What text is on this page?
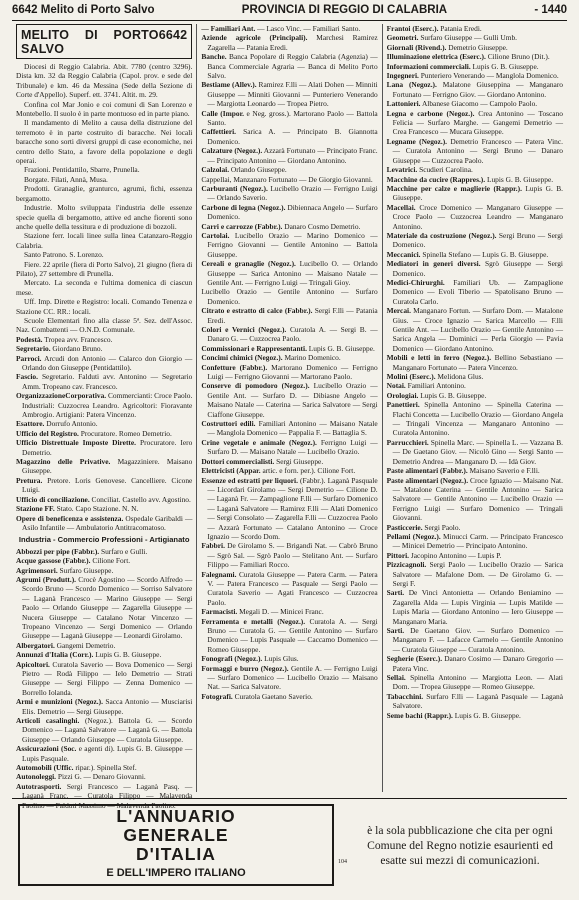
6642 Melito di Porto Salvo	PROVINCIA DI REGGIO DI CALABRIA	- 1440
MELITO DI PORTO SALVO
6642

Diocesi di Reggio Calabria. Abit. 7780 (centro 3296). Dista km. 32 da Reggio Calabria (Capol. prov. e sede del Tribunale) e km. 46 da Messina (Sede della Sezione di Corte d'Appello). Superf. ett. 3741. Altit. m. 29.

Confina col Mar Jonio e coi comuni di San Lorenzo e Montebello. Il suolo è in parte montuoso ed in parte piano.

Il mandamento di Melito a causa della distruzione del terremoto è in parte costruito di baracche. Nei locali baracche sono sorti diversi gruppi di case economiche, nei centro dello Stato, a favore della popolazione e degli operai.

Frazioni. Pentidattilo, Sbarre, Prunella.

Borgate. Filati, Annà, Musa.

Prodotti. Granaglie, granturco, agrumi, fichi, essenza bergamotto.

Industrie. Molto sviluppata l'industria delle essenze specie quella di bergamotto, attive ed anche fiorenti sono anche quelle della tessitura e di produzione di bozzoli.

Stazione ferr. locali linee sulla linea Catanzaro-Reggio Calabria.

Santo Patrono. S. Lorenzo.

Fiere. 22 aprile (fiera di Porto Salvo), 21 giugno (fiera di Pilato), 27 settembre di Prunella.

Mercato. La seconda e l'ultima domenica di ciascun mese.

Uff. Imp. Dirette e Registro: locali. Comando Tenenza e Stazione CC. RR.: locali.

Scuole Elementari fino alla classe 5ª. Sez. dell'Assoc. Naz. Combattenti — O.N.D. Comunale.

Podestà. Tropea avv. Francesco.

Segretario. Giordano Bruno.

Parroci. Arcudi don Antonio — Calarco don Giorgio — Orlando don Giuseppe (Pentidattilo).

Fascio. Segretario. Falduti avv. Antonino — Segretario Amm. Tropeano cav. Francesco.

OrganizzazioneCorporativa. Commercianti: Croce Paolo. Industriali: Cuzzocrea Leandro. Agricoltori: Fioravante Ambrogio. Artigiani: Patera Vincenzo.

Esattore. Dorrufo Antonio.

Ufficio del Registro. Procuratore. Romeo Demetrio.

Ufficio Distrettuale Imposte Dirette. Procuratore. Iero Demetrio.

Magazzino delle Privative. Magazziniere. Maisano Giuseppe.

Pretura. Pretore. Loris Genovese. Cancelliere. Cicone Luigi.

Ufficio di conciliazione. Conciliat. Castello avv. Agostino.

Stazione FF. Stato. Capo Stazione. N. N.

Opere di beneficenza e assistenza. Ospedale Garibaldi — Asilo Infantile — Ambulatorio Antitracomatoso.

Industria - Commercio Professioni - Artigianato

Abbozzi per pipe (Fabbr.). Surfaro e Gulli.

Acque gassose (Fabbr.). Cilione Fort.

Agrimensori. Surfaro Giuseppe.

Agrumi (Produtt.). Crocè Agostino — Scordo Alfredo — Scordo Bruno — Scordo Domenico — Sorriso Salvatore — Laganà Francesco — Marino Giuseppe — Sergi Paolo — Orlando Giuseppe — Zagarella Giuseppe — Nucera Giuseppe — Catalano Notar Vincenzo — Tropeano Vincenzo — Sergi Domenico — Orlando Giuseppe — Laganà Giuseppe — Leonardi Girolamo.

Albergatori. Gangemi Demetrio.

Annunzi d'Italia (Corr.). Lupis G. B. Giuseppe.

Apicoltori. Curatola Saverio — Bova Domenico — Sergi Pietro — Rodà Filippo — Ielo Demetrio — Strati Giuseppe — Sergi Filippo — Zenna Domenico — Borrello Iolanda.

Armi e munizioni (Negoz.). Sacca Antonio — Musciarisi Elis. Demetrio — Sergi Giuseppe.

Articoli casalinghi. (Negoz.). Battola G. — Scordo Domenico — Laganà Salvatore — Laganà G. — Battola Giuseppe — Orlando Giuseppe — Curatola Giuseppe.

Assicurazioni (Soc. e agenti di). Lupis G. B. Giuseppe — Lupis Pasquale.

Automobili (Uffic. ripar.). Spinella Stef.

Autonoleggi. Pizzi G. — Denaro Giovanni.

Autotrasporti. Sergi Francesco — Laganà Pasq. — Laganà Franc. — Curatola Filippo — Malavenda Paolino — Falduti Massimo — Malavenda Paolino.

— Familiari Ant. — Lasco Vinc. — Familiari Santo.

Aziende agricole (Principali). Marchesi Ramirez Zagarella — Patania Eredi.

Banche. Banca Popolare di Reggio Calabria (Agenzia) — Banca Commerciale Agraria — Banca di Melito Porto Salvo.

Bestiame (Allev.). Ramirez F.lli — Alati Dohen — Minniti Giuseppe — Minniti Giovanni — Punteriero Venerando — Margiotta Leonardo — Tropea Pietro.

Calle (Impor. e Neg. gross.). Martorano Paolo — Battola Santo.

Caffettieri. Sarica A. — Principato B. Giannotta Domenico.

Calzature (Negoz.). Azzarà Fortunato — Principato Franc. — Principato Antonino — Giordano Antonino.

Calzolai. Orlando Giuseppe.

Cappellai, Manzanaro Fortunato — De Giorgio Giovanni.

Carburanti (Negoz.). Lucibello Orazio — Ferrigno Luigi — Orlando Saverio.

Carbone di legna (Negoz.). Dibiennaca Angelo — Surfaro Domenico.

Carri e carrozze (Fabbr.). Danaro Cosmo Demetrio.

Cartolai. Lucibello Orazio — Marino Domenico — Ferrigno Giovanni — Gentile Antonino — Battola Giuseppe.

Cereali e granaglie (Negoz.). Lucibello O. — Orlando Giuseppe — Sarica Antonino — Maisano Natale — Gentile Ant. — Ferrigno Luigi — Tringali Gioy.

Lucibello Orazio — Gentile Antonino — Surfaro Domenico.

Citrato e estratto di calce (Fabbr.). Sergi F.lli — Patania Eredi.

Colori e Vernici (Negoz.). Curatola A. — Sergi B. — Danaro G. — Cuzzocrea Paolo.

Commissionari e Rappresentanti. Lupis G. B. Giuseppe.

Concimi chimici (Negoz.). Marino Domenico.

Confetture (Fabbr.). Martorano Domenico — Ferrigno Luigi — Ferrigno Giovanni — Martorano Paolo.

Conserve di pomodoro (Negoz.). Lucibello Orazio — Gentile Ant. — Surfaro D. — Dibiasne Angelo — Maisano Natale — Caterina — Sarica Salvatore — Sergi Ciaffone Giuseppe.

Costruttori edili. Familiari Antonino — Maisano Natale — Manglola Domenico — Pappalia F. — Battaglia S.

Crine vegetale e animale (Negoz.). Ferrigno Luigi — Surfaro D. — Maisano Natale — Lucibello Orazio.

Dottori commercialisti. Sergi Giuseppe.

Elettricisti (Appar. artic. e forn. per.). Cilione Fort.

Essenze ed estratti per liquori. (Fabbr.). Laganà Pasquale — Licordari Girolamo — Sergi Demetrio — Cilione D. — Laganà Fr. — Zampaglione F.lli — Surfaro Domenico — Laganà Salvatore — Ramirez F.lli — Alati Domenico — Sergi Consolato — Zagarella F.lli — Cuzzocrea Paolo — Azzarà Fortunato — Catalano Antonino — Croce Ignazio — Scordo Dom.

Fabbri. De Girolamo S. — Brigandì Nat. — Cabrò Bruno — Sgrò Sal. — Sgrò Paolo — Stelitano Ant. — Surfaro Filippo — Familiari Rocco.

Falegnami. Curatola Giuseppe — Patera Carm. — Patera V. — Patera Francesco — Pasquale — Sergi Paolo — Curatola Saverio — Agati Francesco — Cuzzocrea Paolo.

Farmacisti. Megali D. — Minicei Franc.

Ferramenta e metalli (Negoz.). Curatola A. — Sergi Bruno — Curatola G. — Gentile Antonino — Surfaro Domenico — Lupis Pasquale — Caccamo Domenico — Romeo Giuseppe.

Fonografi (Negoz.). Lupis Glus.

Formaggi e burro (Negoz.). Gentile A. — Ferrigno Luigi — Surfaro Domenico — Lucibello Orazio — Maisano Nat. — Sarica Salvatore.

Fotografi. Curatola Gaetano Saverio.

Frantoi (Eserc.). Patania Eredi.

Geometri. Surfaro Giuseppe — Gulli Umb.

Giornali (Rivend.). Demetrio Giuseppe.

Illuminazione elettrica (Eserc.). Cilione Bruno (Dit.).

Informazioni commerciali. Lupis G. B. Giuseppe.

Ingegneri. Punteriero Venerando — Manglola Domenico.

Lana (Negoz.). Malatone Giuseppina — Manganaro Fortunato — Ferrigno Giov. — Giordano Antonino.

Lattonieri. Albanese Giacomo — Campolo Paolo.

Legna e carbone (Negoz.). Crea Antonino — Toscano Felicia — Surfaro Marghe. — Gangemi Demetrio — Crea Francesco — Mucara Giuseppe.

Legname (Negoz.). Demetrio Francesco — Patera Vinc. — Curatola Antonino — Sergi Bruno — Danaro Giuseppe — Cuzzocrea Paolo.

Levatrici. Scudieri Carolina.

Macchine da cucire (Rappres.). Lupis G. B. Giuseppe.

Macchine per calze e maglierie (Rappr.). Lupis G. B. Giuseppe.

Macellai. Croce Domenico — Manganaro Giuseppe — Croce Paolo — Cuzzocrea Leandro — Manganaro Antonino.

Materiale da costruzione (Negoz.). Sergi Bruno — Sergi Domenico.

Meccanici. Spinella Stefano — Lupis G. B. Giuseppe.

Mediatori in generi diversi. Sgrò Giuseppe — Sergi Domenico.

Medici-Chirurghi. Familiari Ub. — Zampaglione Domenico — Evoli Tiberio — Spatolisano Bruno — Curatola Carlo.

Mercai. Manganaro Fortun. — Surfaro Dom. — Matalone Gius. — Croce Ignazio — Sarica Marcello — F.lli Gentile Ant. — Lucibello Orazio — Gentile Antonino — Sarica Angela — Dominici — Perla Giorgio — Pavia Domenico — Giordano Antonino.

Mobili e letti in ferro (Negoz.). Bellino Sebastiano — Manganaro Fortunato — Patera Vincenzo.

Molini (Eserc.). Melidona Glus.

Notai. Familiari Antonino.

Orologiai. Lupis G. B. Giuseppe.

Panettieri. Spinella Antonino — Spinella Caterina — Flachi Concetta — Lucibello Orazio — Giordano Angela — Tringali Vincenza — Manganaro Antonino — Curatola Antonino.

Parrucchieri. Spinella Marc. — Spinella L. — Vazzana B. — De Gaetano Giov. — Nicolò Gino — Sergi Santo — Demetrio Andrea — Manganaro D. — Idà Giov.

Paste alimentari (Fabbr.). Maisano Saverio e F.lli.

Paste alimentari (Negoz.). Croce Ignazio — Maisano Nat. — Matalone Caterina — Gentile Antonino — Sarica Salvatore — Gentile Antonino — Lucibello Orazio — Ferrigno Luigi — Surfaro Domenico — Tringali Giovanni.

Pasticcerie. Sergi Paolo.

Pellami (Negoz.). Minucci Carm. — Principato Francesco — Minicei Demetrio — Principato Antonino.

Pittori. Jacopino Antonino — Lupis P.

Pizzicagnoli. Sergi Paolo — Lucibello Orazio — Sarica Salvatore — Mafalone Dom. — De Girolamo G. — Sergi F.

Sarti. De Vinci Antonietta — Orlando Beniamino — Zagarella Alda — Lupis Virginia — Lupis Matilde — Lupis Maria — Giordano Antonino — Iero Giuseppe — Manganaro Maria.

Sarti. De Gaetano Giov. — Surfaro Domenico — Manganaro F. — Lafacce Carmelo — Gentile Antonino — Curatola Giuseppe — Curatola Antonino.

Segherie (Eserc.). Danaro Cosimo — Danaro Gregorio — Patera Vinc.

Sellai. Spinella Antonino — Margiotta Leon. — Alati Dom. — Tropea Giuseppe — Romeo Giuseppe.

Tabacchini. Surfaro F.lli — Laganà Pasquale — Laganà Salvatore.

Seme bachi (Rappr.). Lupis G. B. Giuseppe.

L'ANNUARIO
GENERALE
D'ITALIA
E DELL'IMPERO ITALIANO
104
è la sola pubblicazione che cita per ogni Comune del Regno notizie esaurienti ed esatte sui mezzi di comunicazioni.
